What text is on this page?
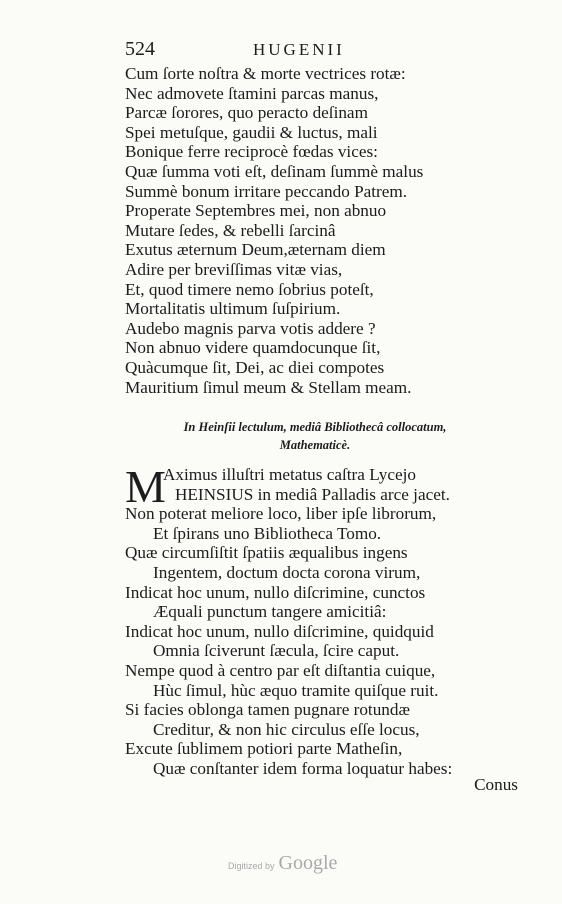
524	HUGENII
Cum ſorte noſtra & morte vectrices rotæ:
Nec admovete ſtamini parcas manus,
Parcæ ſorores, quo peracto deſinam
Spei metuſque, gaudii & luctus, mali
Bonique ferre reciprocè fœdas vices:
Quæ ſumma voti eſt, deſinam ſummè malus
Summè bonum irritare peccando Patrem.
Properate Septembres mei, non abnuo
Mutare ſedes, & rebelli ſarcinâ
Exutus æternum Deum,æternam diem
Adire per breviſſimas vitæ vias,
Et, quod timere nemo ſobrius poteſt,
Mortalitatis ultimum ſuſpirium.
Audebo magnis parva votis addere ?
Non abnuo videre quamdocunque ſit,
Quàcumque ſit, Dei, ac diei compotes
Mauritium ſimul meum & Stellam meam.
In Heinſii lectulum, mediâ Bibliothecâ collocatum,
Mathematicè.
M
Aximus illuſtri metatus caſtra Lycejo
HEINSIUS in mediâ Palladis arce jacet.
Non poterat meliore loco, liber ipſe librorum,
Et ſpirans uno Bibliotheca Tomo.
Quæ circumſiſtit ſpatiis æqualibus ingens
Ingentem, doctum docta corona virum,
Indicat hoc unum, nullo diſcrimine, cunctos
Æquali punctum tangere amicitiâ:
Indicat hoc unum, nullo diſcrimine, quidquid
Omnia ſciverunt ſæcula, ſcire caput.
Nempe quod à centro par eſt diſtantia cuique,
Hùc ſimul, hùc æquo tramite quiſque ruit.
Si facies oblonga tamen pugnare rotundæ
Creditur, & non hic circulus eſſe locus,
Excute ſublimem potiori parte Matheſin,
Quæ conſtanter idem forma loquatur habes:
Conus
Digitized by Google
